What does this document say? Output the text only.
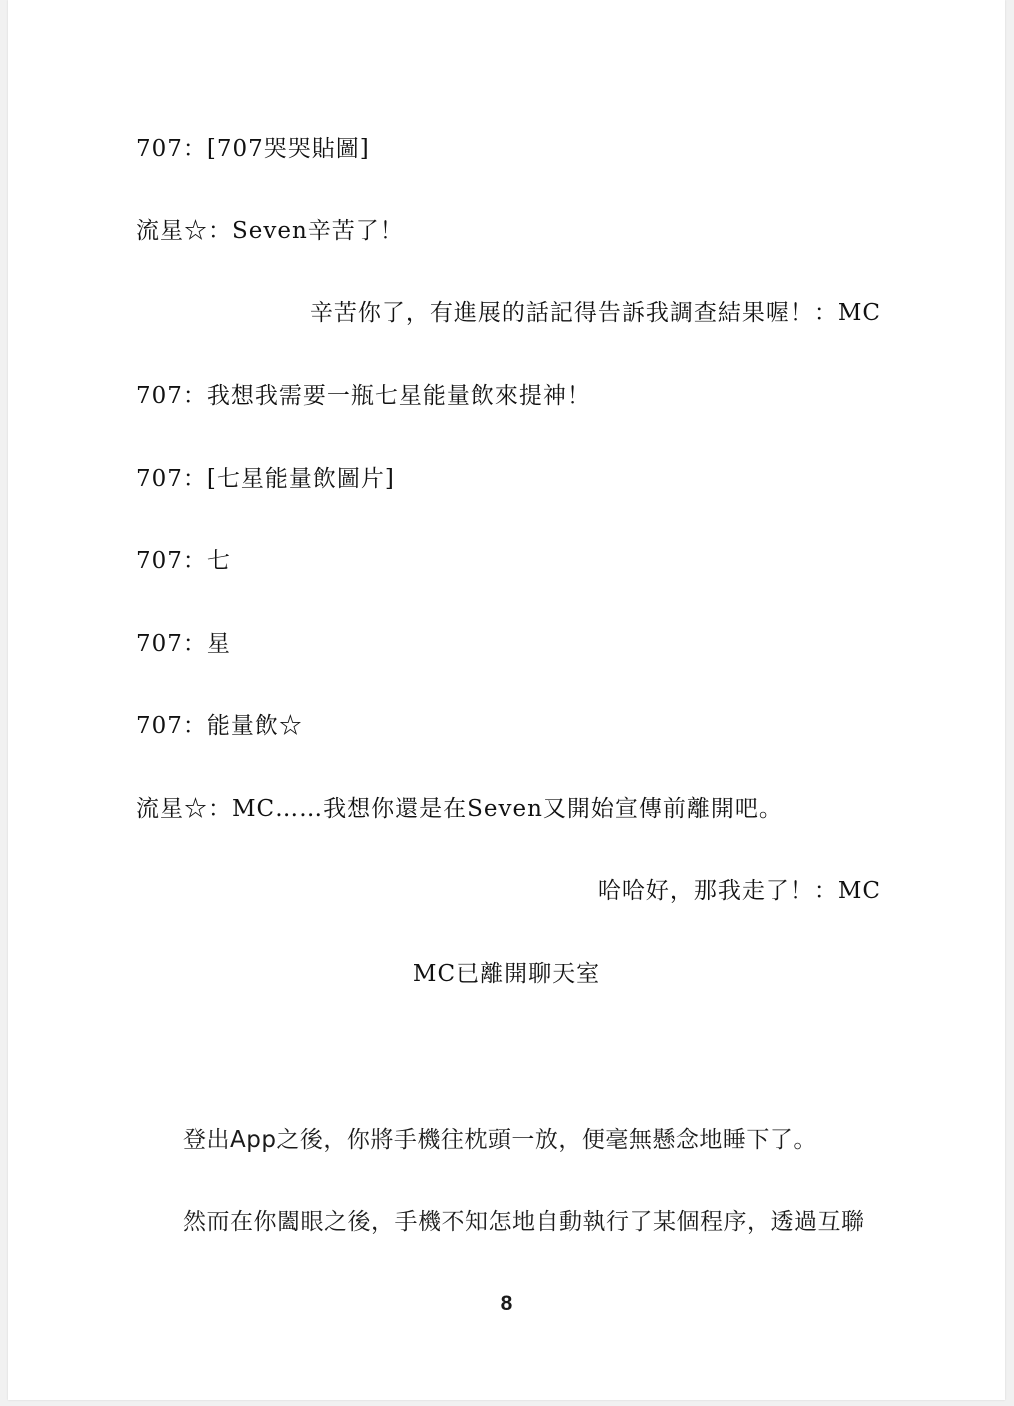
707：[707哭哭貼圖]
流星☆：Seven辛苦了！
辛苦你了，有進展的話記得告訴我調查結果喔！：MC
707：我想我需要一瓶七星能量飲來提神！
707：[七星能量飲圖片]
707：七
707：星
707：能量飲☆
流星☆：MC……我想你還是在Seven又開始宣傳前離開吧。
哈哈好，那我走了！：MC
MC已離開聊天室
登出App之後，你將手機往枕頭一放，便毫無懸念地睡下了。
然而在你闔眼之後，手機不知怎地自動執行了某個程序，透過互聯
8
